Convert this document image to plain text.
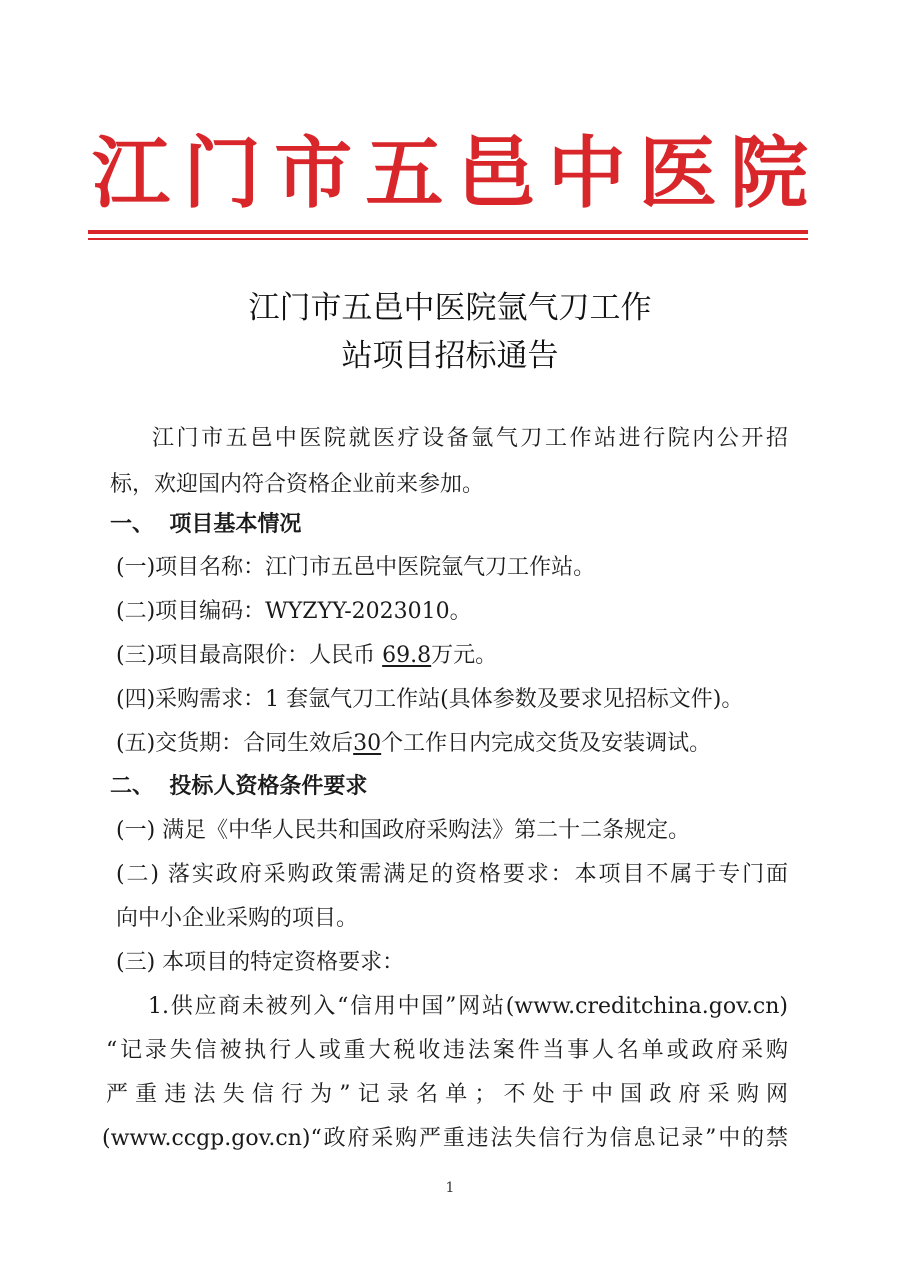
江 门 市 五 邑 中 医 院
江门市五邑中医院氩气刀工作
站项目招标通告
江门市五邑中医院就医疗设备氩气刀工作站进行院内公开招
标，欢迎国内符合资格企业前来参加。
一、  项目基本情况
(一)项目名称：江门市五邑中医院氩气刀工作站。
(二)项目编码：WYZYY-2023010。
(三)项目最高限价：人民币 69.8万元。
(四)采购需求：1 套氩气刀工作站(具体参数及要求见招标文件)。
(五)交货期：合同生效后30个工作日内完成交货及安装调试。
二、  投标人资格条件要求
(一) 满足《中华人民共和国政府采购法》第二十二条规定。
(二) 落实政府采购政策需满足的资格要求：本项目不属于专门面
向中小企业采购的项目。
(三) 本项目的特定资格要求：
1.供应商未被列入“信用中国”网站(www.creditchina.gov.cn)
“记录失信被执行人或重大税收违法案件当事人名单或政府采购
严重违法失信行为”记录名单；不处于中国政府采购网
(www.ccgp.gov.cn)“政府采购严重违法失信行为信息记录”中的禁
1
